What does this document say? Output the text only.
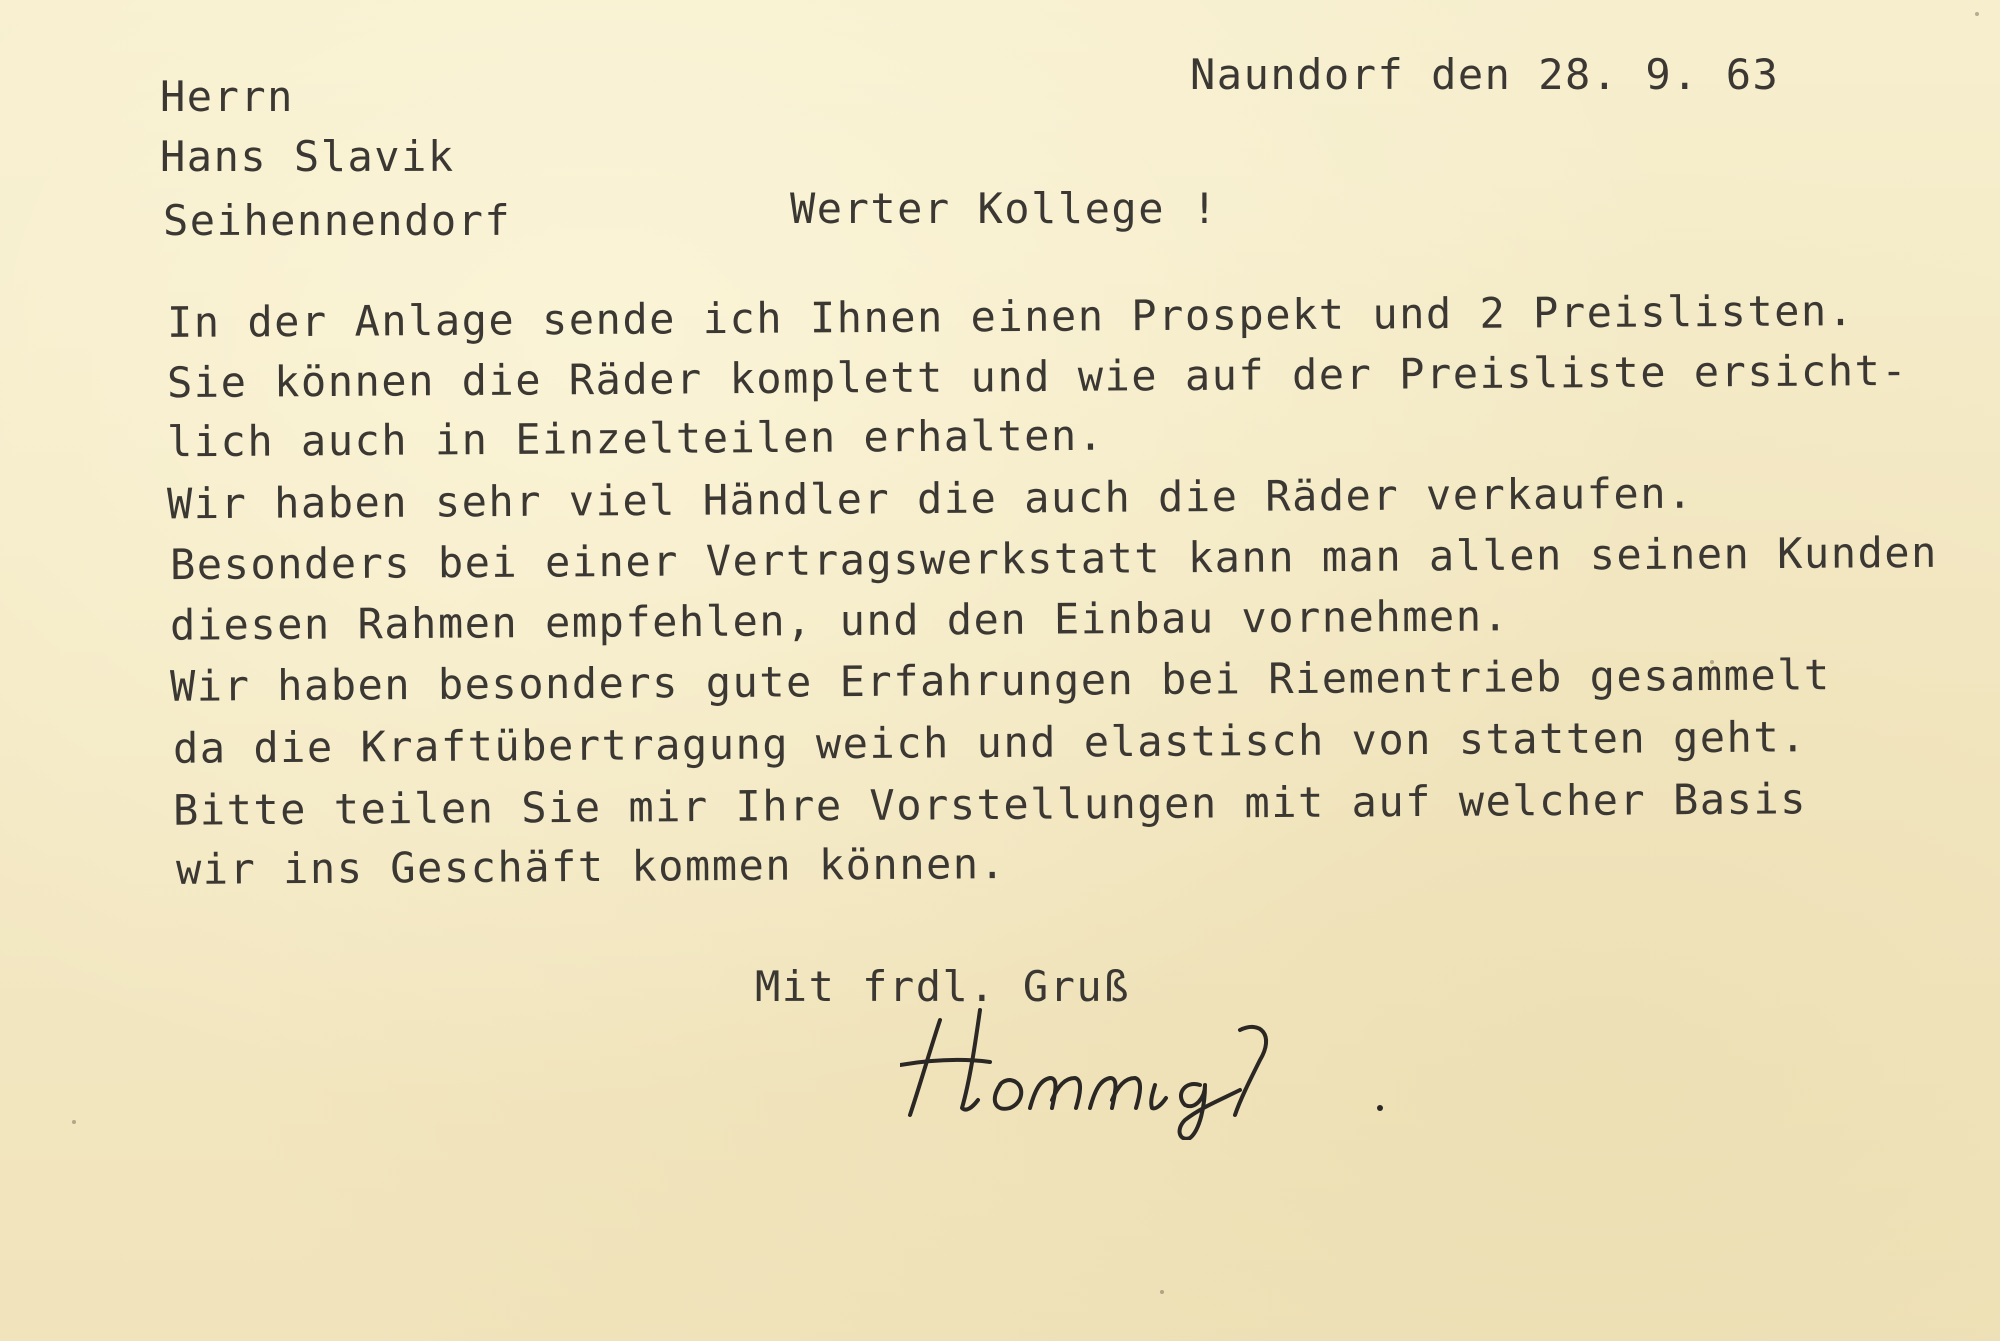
Herrn
Hans Slavik
Seihennendorf
Naundorf den 28. 9. 63
Werter Kollege !
In der Anlage sende ich Ihnen einen Prospekt und 2 Preislisten.
Sie können die Räder komplett und wie auf der Preisliste ersicht-
lich auch in Einzelteilen erhalten.
Wir haben sehr viel Händler die auch die Räder verkaufen.
Besonders bei einer Vertragswerkstatt kann man allen seinen Kunden
diesen Rahmen empfehlen, und den Einbau vornehmen.
Wir haben besonders gute Erfahrungen bei Riementrieb gesammelt
da die Kraftübertragung weich und elastisch von statten geht.
Bitte teilen Sie mir Ihre Vorstellungen mit auf welcher Basis
wir ins Geschäft kommen können.
Mit frdl. Gruß
